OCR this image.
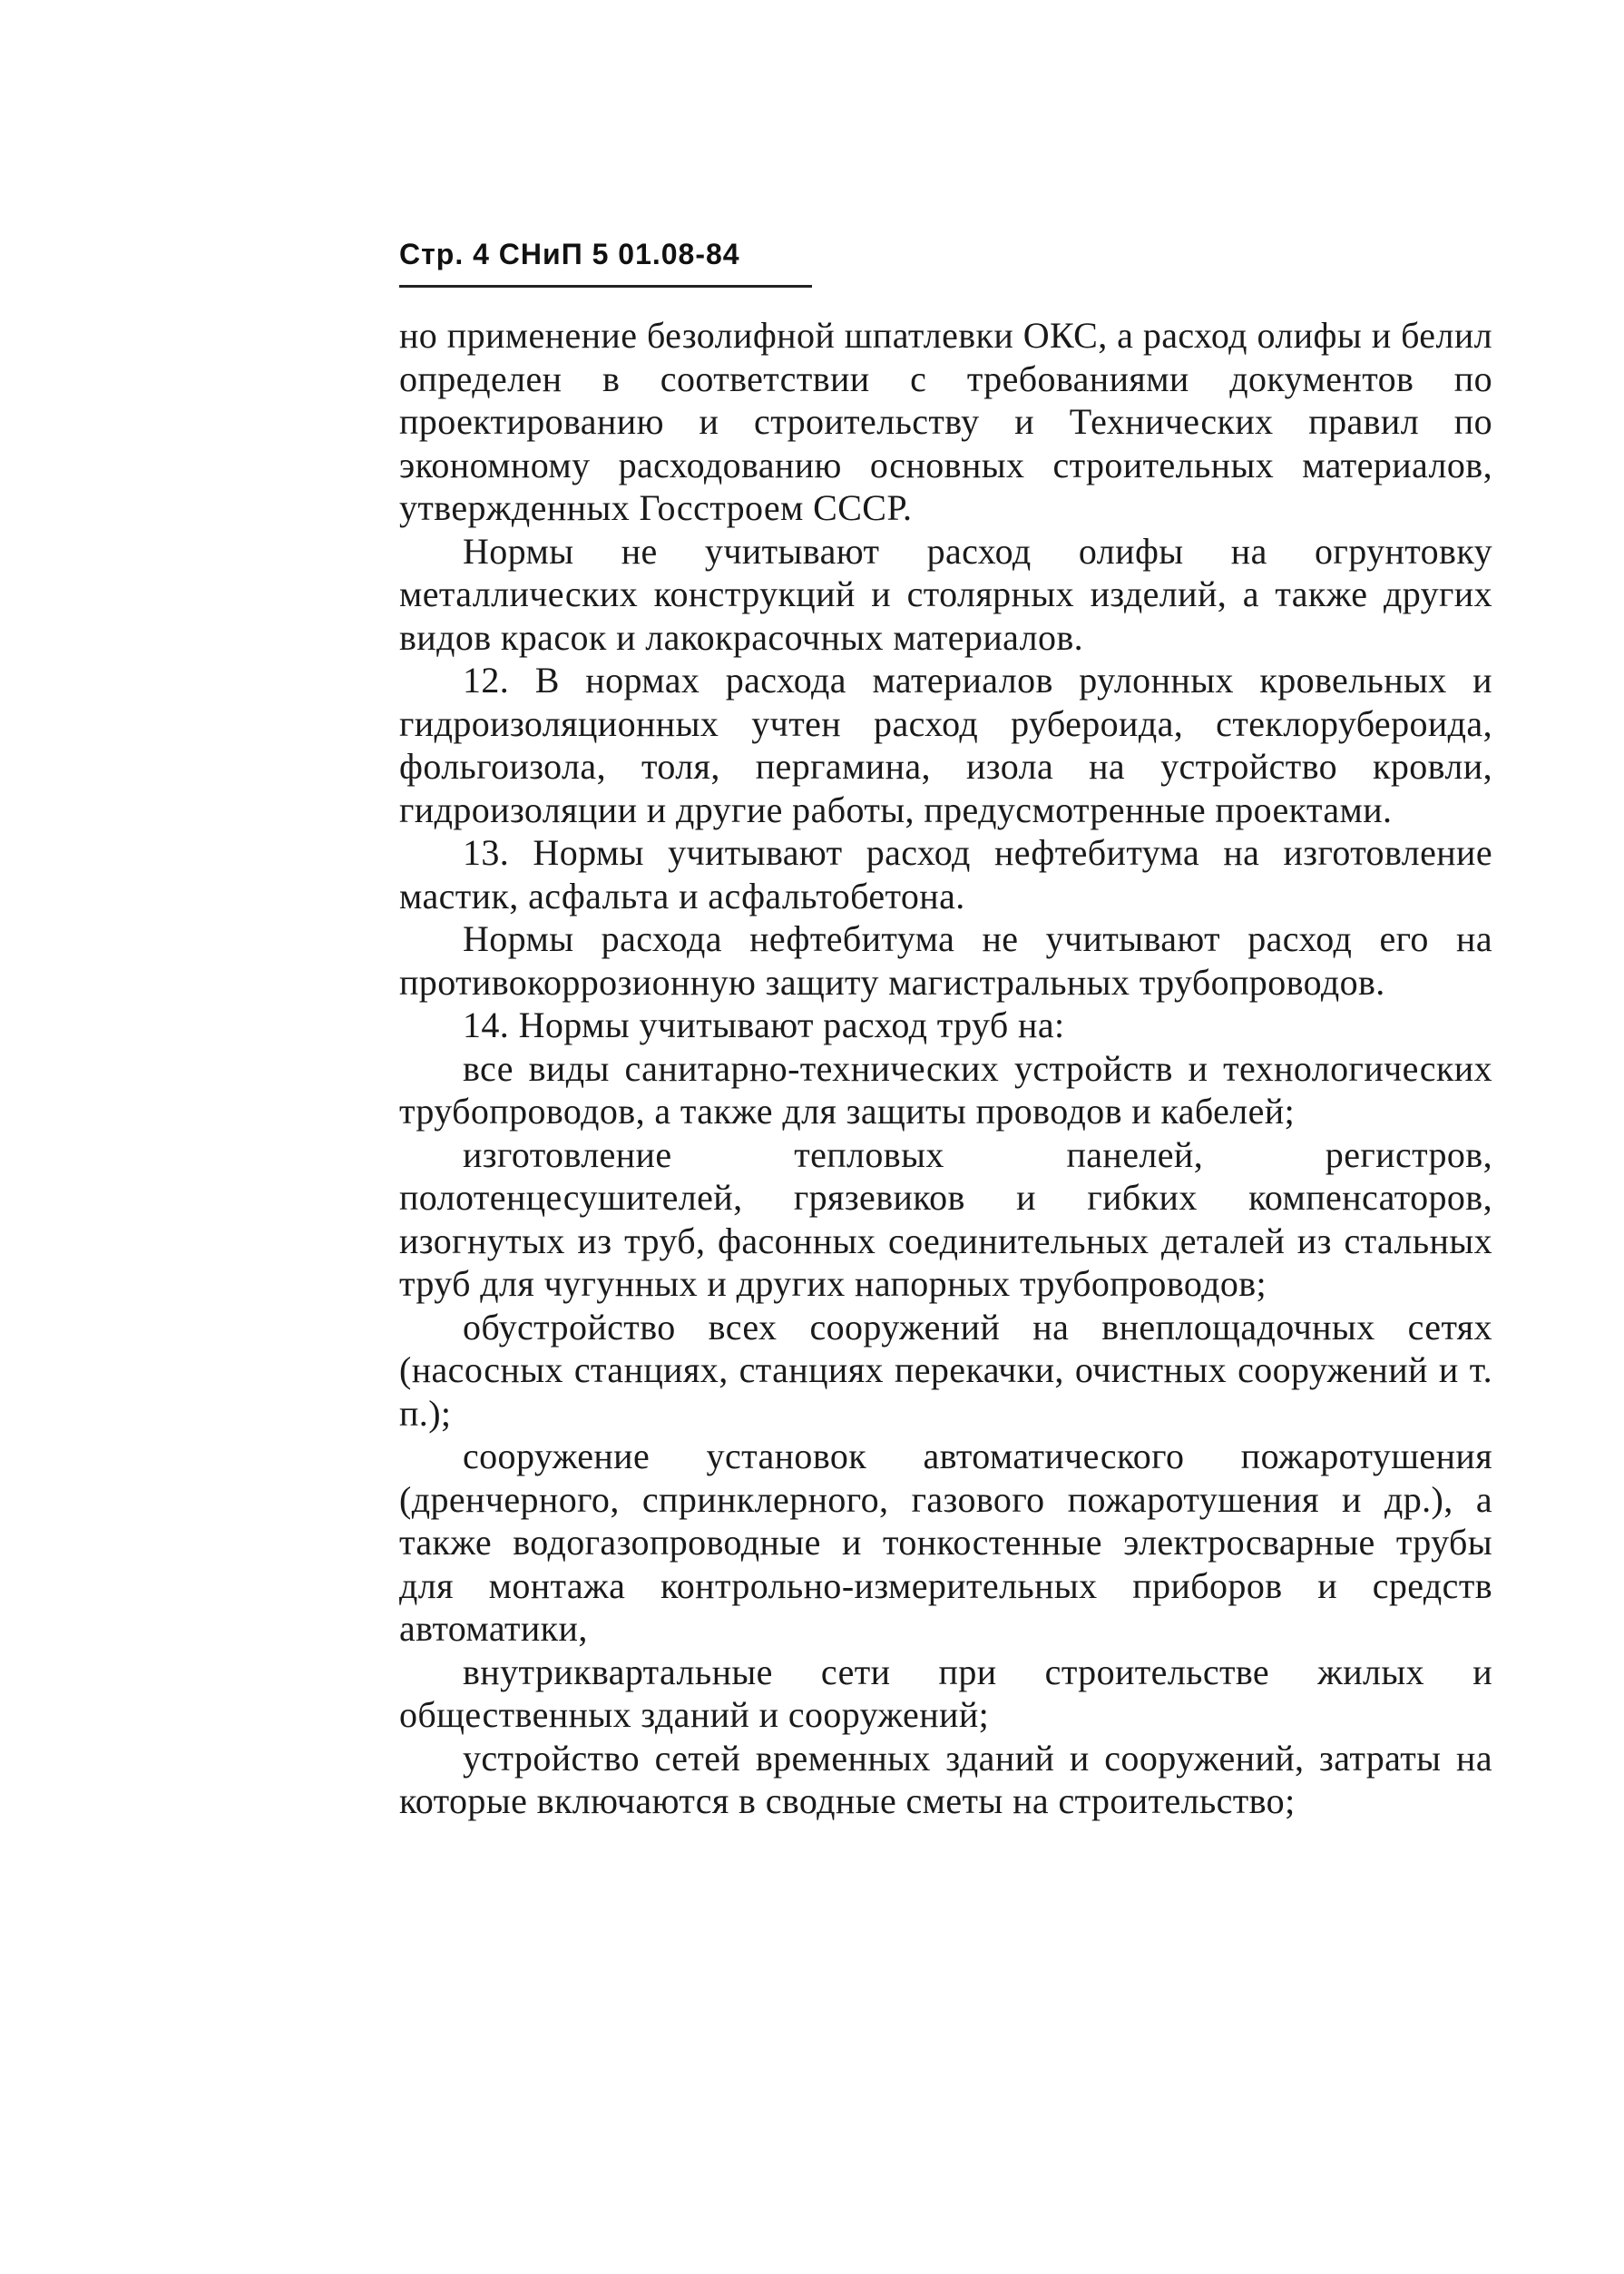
Стр. 4 СНиП 5 01.08-84

но применение безолифной шпатлевки ОКС, а расход олифы и белил определен в соответствии с требованиями документов по проектированию и строительству и Технических правил по экономному расходованию основных строительных материалов, утвержденных Госстроем СССР.

Нормы не учитывают расход олифы на огрунтовку металлических конструкций и столярных изделий, а также других видов красок и лакокрасочных материалов.

12. В нормах расхода материалов рулонных кровельных и гидроизоляционных учтен расход рубероида, стеклорубероида, фольгоизола, толя, пергамина, изола на устройство кровли, гидроизоляции и другие работы, предусмотренные проектами.

13. Нормы учитывают расход нефтебитума на изготовление мастик, асфальта и асфальтобетона.

Нормы расхода нефтебитума не учитывают расход его на противокоррозионную защиту магистральных трубопроводов.

14. Нормы учитывают расход труб на:

все виды санитарно-технических устройств и технологических трубопроводов, а также для защиты проводов и кабелей;

изготовление тепловых панелей, регистров, полотенцесушителей, грязевиков и гибких компенсаторов, изогнутых из труб, фасонных соединительных деталей из стальных труб для чугунных и других напорных трубопроводов;

обустройство всех сооружений на внеплощадочных сетях (насосных станциях, станциях перекачки, очистных сооружений и т. п.);

сооружение установок автоматического пожаротушения (дренчерного, спринклерного, газового пожаротушения и др.), а также водогазопроводные и тонкостенные электросварные трубы для монтажа контрольно-измерительных приборов и средств автоматики,

внутриквартальные сети при строительстве жилых и общественных зданий и сооружений;

устройство сетей временных зданий и сооружений, затраты на которые включаются в сводные сметы на строительство;
